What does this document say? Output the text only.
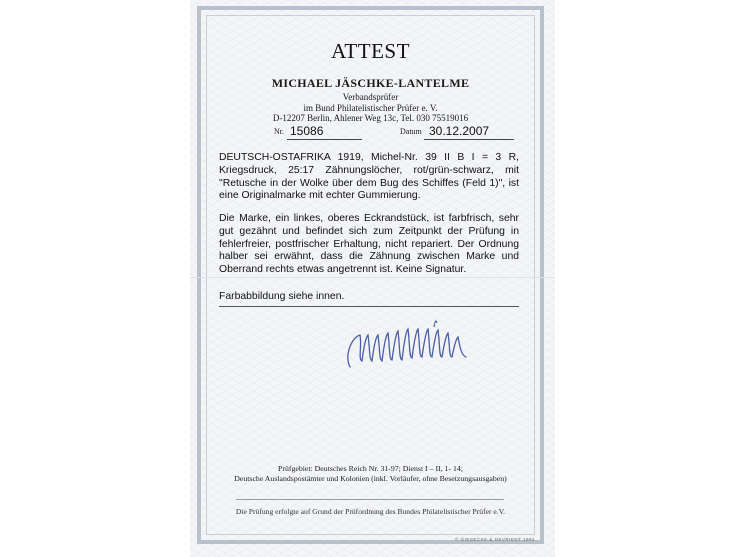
ATTEST
MICHAEL JÄSCHKE-LANTELME
Verbandsprüfer
im Bund Philatelistischer Prüfer e. V.
D-12207 Berlin, Ahlener Weg 13c, Tel. 030 75519016
Nr. 15086	Datum 30.12.2007
DEUTSCH-OSTAFRIKA 1919, Michel-Nr. 39 II B I = 3 R, Kriegsdruck, 25:17 Zähnungslöcher, rot/grün-schwarz, mit "Retusche in der Wolke über dem Bug des Schiffes (Feld 1)", ist eine Originalmarke mit echter Gummierung.
Die Marke, ein linkes, oberes Eckrandstück, ist farbfrisch, sehr gut gezähnt und befindet sich zum Zeitpunkt der Prüfung in fehlerfreier, postfrischer Erhaltung, nicht repariert. Der Ordnung halber sei erwähnt, dass die Zähnung zwischen Marke und Oberrand rechts etwas angetrennt ist. Keine Signatur.
Farbabbildung siehe innen.
Prüfgebiet: Deutsches Reich Nr. 31-97; Dienst I – II, 1- 14;
Deutsche Auslandspostämter und Kolonien (inkl. Vorläufer, ohne Besetzungsausgaben)
Die Prüfung erfolgte auf Grund der Prüfordnung des Bundes Philatelistischer Prüfer e.V.
© GIESECKE & DEVRIENT 1994
